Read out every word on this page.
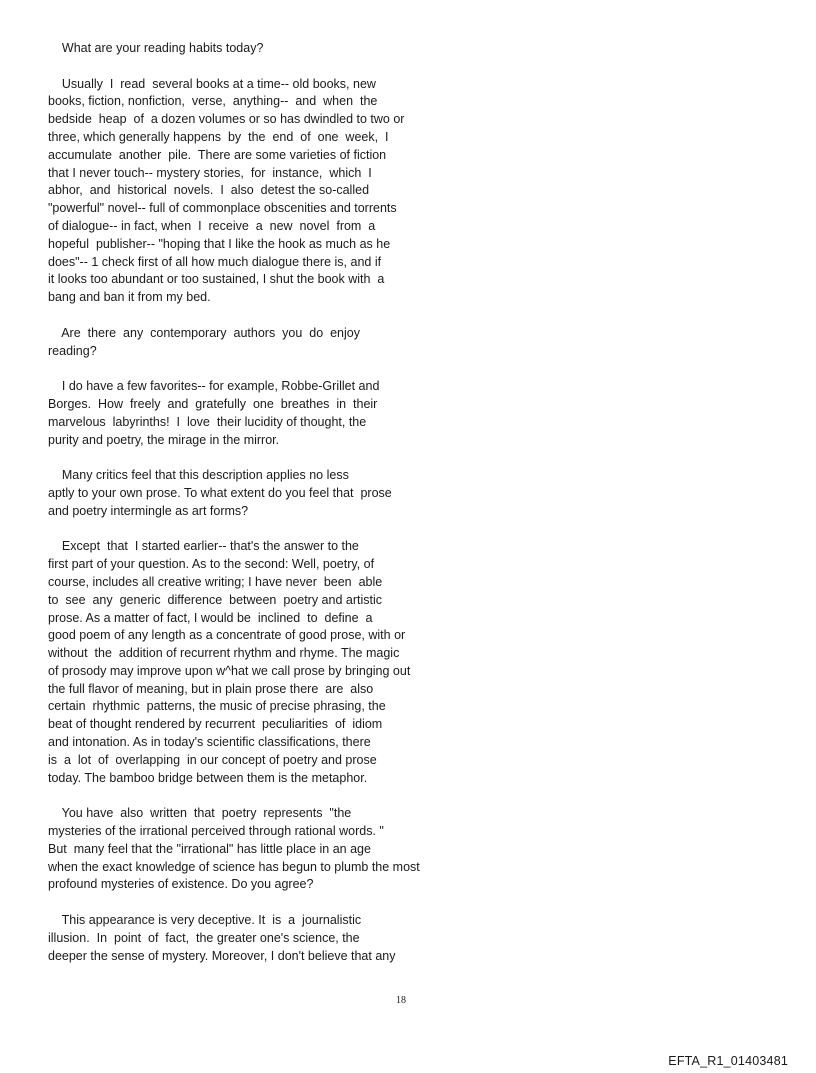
What are your reading habits today?
Usually  I  read  several books at a time-- old books, new
books, fiction, nonfiction,  verse,  anything--  and  when  the
bedside  heap  of  a dozen volumes or so has dwindled to two or
three, which generally happens  by  the  end  of  one  week,  I
accumulate  another  pile.  There are some varieties of fiction
that I never touch-- mystery stories,  for  instance,  which  I
abhor,  and  historical  novels.  I  also  detest the so-called
"powerful" novel-- full of commonplace obscenities and torrents
of dialogue-- in fact, when  I  receive  a  new  novel  from  a
hopeful  publisher-- "hoping that I like the hook as much as he
does"-- 1 check first of all how much dialogue there is, and if
it looks too abundant or too sustained, I shut the book with  a
bang and ban it from my bed.
Are  there  any  contemporary  authors  you  do  enjoy
reading?
I do have a few favorites-- for example, Robbe-Grillet and
Borges.  How  freely  and  gratefully  one  breathes  in  their
marvelous  labyrinths!  I  love  their lucidity of thought, the
purity and poetry, the mirage in the mirror.
Many critics feel that this description applies no less
aptly to your own prose. To what extent do you feel that  prose
and poetry intermingle as art forms?
Except  that  I started earlier-- that's the answer to the
first part of your question. As to the second: Well, poetry, of
course, includes all creative writing; I have never  been  able
to  see  any  generic  difference  between  poetry and artistic
prose. As a matter of fact, I would be  inclined  to  define  a
good poem of any length as a concentrate of good prose, with or
without  the  addition of recurrent rhythm and rhyme. The magic
of prosody may improve upon w^hat we call prose by bringing out
the full flavor of meaning, but in plain prose there  are  also
certain  rhythmic  patterns, the music of precise phrasing, the
beat of thought rendered by recurrent  peculiarities  of  idiom
and intonation. As in today's scientific classifications, there
is  a  lot  of  overlapping  in our concept of poetry and prose
today. The bamboo bridge between them is the metaphor.
You have  also  written  that  poetry  represents  "the
mysteries of the irrational perceived through rational words. "
But  many feel that the "irrational" has little place in an age
when the exact knowledge of science has begun to plumb the most
profound mysteries of existence. Do you agree?
This appearance is very deceptive. It  is  a  journalistic
illusion.  In  point  of  fact,  the greater one's science, the
deeper the sense of mystery. Moreover, I don't believe that any
18
EFTA_R1_01403481
